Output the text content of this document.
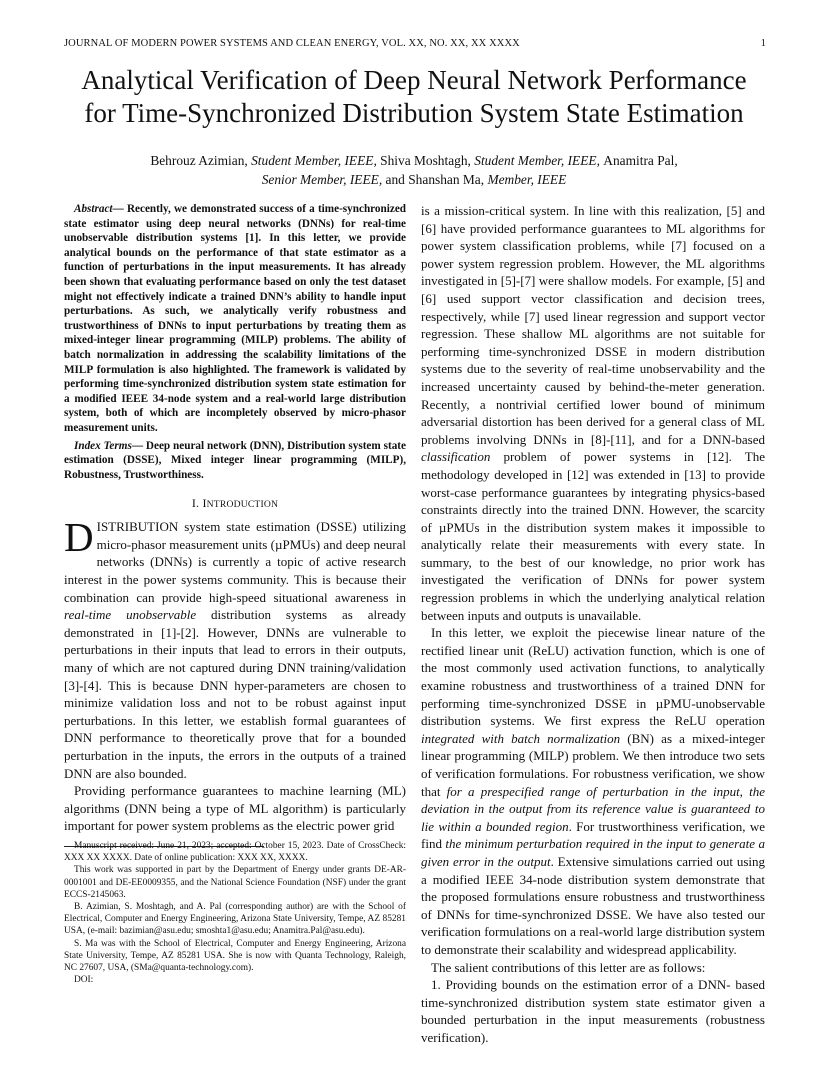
JOURNAL OF MODERN POWER SYSTEMS AND CLEAN ENERGY, VOL. XX, NO. XX, XX XXXX	1
Analytical Verification of Deep Neural Network Performance
for Time-Synchronized Distribution System State Estimation
Behrouz Azimian, Student Member, IEEE, Shiva Moshtagh, Student Member, IEEE, Anamitra Pal,
Senior Member, IEEE, and Shanshan Ma, Member, IEEE

Abstract— Recently, we demonstrated success of a time-synchronized state estimator using deep neural networks (DNNs) for real-time unobservable distribution systems [1]. In this letter, we provide analytical bounds on the performance of that state estimator as a function of perturbations in the input measurements. It has already been shown that evaluating performance based on only the test dataset might not effectively indicate a trained DNN’s ability to handle input perturbations. As such, we analytically verify robustness and trustworthiness of DNNs to input perturbations by treating them as mixed-integer linear programming (MILP) problems. The ability of batch normalization in addressing the scalability limitations of the MILP formulation is also highlighted. The framework is validated by performing time-synchronized distribution system state estimation for a modified IEEE 34-node system and a real-world large distribution system, both of which are incompletely observed by micro-phasor measurement units.

Index Terms— Deep neural network (DNN), Distribution system state estimation (DSSE), Mixed integer linear programming (MILP), Robustness, Trustworthiness.

I. INTRODUCTION

DISTRIBUTION system state estimation (DSSE) utilizing micro-phasor measurement units (µPMUs) and deep neural networks (DNNs) is currently a topic of active research interest in the power systems community. This is because their combination can provide high-speed situational awareness in real-time unobservable distribution systems as already demonstrated in [1]-[2]. However, DNNs are vulnerable to perturbations in their inputs that lead to errors in their outputs, many of which are not captured during DNN training/validation [3]-[4]. This is because DNN hyper-parameters are chosen to minimize validation loss and not to be robust against input perturbations. In this letter, we establish formal guarantees of DNN performance to theoretically prove that for a bounded perturbation in the inputs, the errors in the outputs of a trained DNN are also bounded.

Providing performance guarantees to machine learning (ML) algorithms (DNN being a type of ML algorithm) is particularly important for power system problems as the electric power grid

Manuscript received: June 21, 2023; accepted: October 15, 2023. Date of CrossCheck: XXX XX XXXX. Date of online publication: XXX XX, XXXX.

This work was supported in part by the Department of Energy under grants DE-AR-0001001 and DE-EE0009355, and the National Science Foundation (NSF) under the grant ECCS-2145063.

B. Azimian, S. Moshtagh, and A. Pal (corresponding author) are with the School of Electrical, Computer and Energy Engineering, Arizona State University, Tempe, AZ 85281 USA, (e-mail: bazimian@asu.edu; smoshta1@asu.edu; Anamitra.Pal@asu.edu).

S. Ma was with the School of Electrical, Computer and Energy Engineering, Arizona State University, Tempe, AZ 85281 USA. She is now with Quanta Technology, Raleigh, NC 27607, USA, (SMa@quanta-technology.com).

DOI:

is a mission-critical system. In line with this realization, [5] and [6] have provided performance guarantees to ML algorithms for power system classification problems, while [7] focused on a power system regression problem. However, the ML algorithms investigated in [5]-[7] were shallow models. For example, [5] and [6] used support vector classification and decision trees, respectively, while [7] used linear regression and support vector regression. These shallow ML algorithms are not suitable for performing time-synchronized DSSE in modern distribution systems due to the severity of real-time unobservability and the increased uncertainty caused by behind-the-meter generation. Recently, a nontrivial certified lower bound of minimum adversarial distortion has been derived for a general class of ML problems involving DNNs in [8]-[11], and for a DNN-based classification problem of power systems in [12]. The methodology developed in [12] was extended in [13] to provide worst-case performance guarantees by integrating physics-based constraints directly into the trained DNN. However, the scarcity of µPMUs in the distribution system makes it impossible to analytically relate their measurements with every state. In summary, to the best of our knowledge, no prior work has investigated the verification of DNNs for power system regression problems in which the underlying analytical relation between inputs and outputs is unavailable.

In this letter, we exploit the piecewise linear nature of the rectified linear unit (ReLU) activation function, which is one of the most commonly used activation functions, to analytically examine robustness and trustworthiness of a trained DNN for performing time-synchronized DSSE in µPMU-unobservable distribution systems. We first express the ReLU operation integrated with batch normalization (BN) as a mixed-integer linear programming (MILP) problem. We then introduce two sets of verification formulations. For robustness verification, we show that for a prespecified range of perturbation in the input, the deviation in the output from its reference value is guaranteed to lie within a bounded region. For trustworthiness verification, we find the minimum perturbation required in the input to generate a given error in the output. Extensive simulations carried out using a modified IEEE 34-node distribution system demonstrate that the proposed formulations ensure robustness and trustworthiness of DNNs for time-synchronized DSSE. We have also tested our verification formulations on a real-world large distribution system to demonstrate their scalability and widespread applicability.

The salient contributions of this letter are as follows:

1. Providing bounds on the estimation error of a DNN- based time-synchronized distribution system state estimator given a bounded perturbation in the input measurements (robustness verification).
